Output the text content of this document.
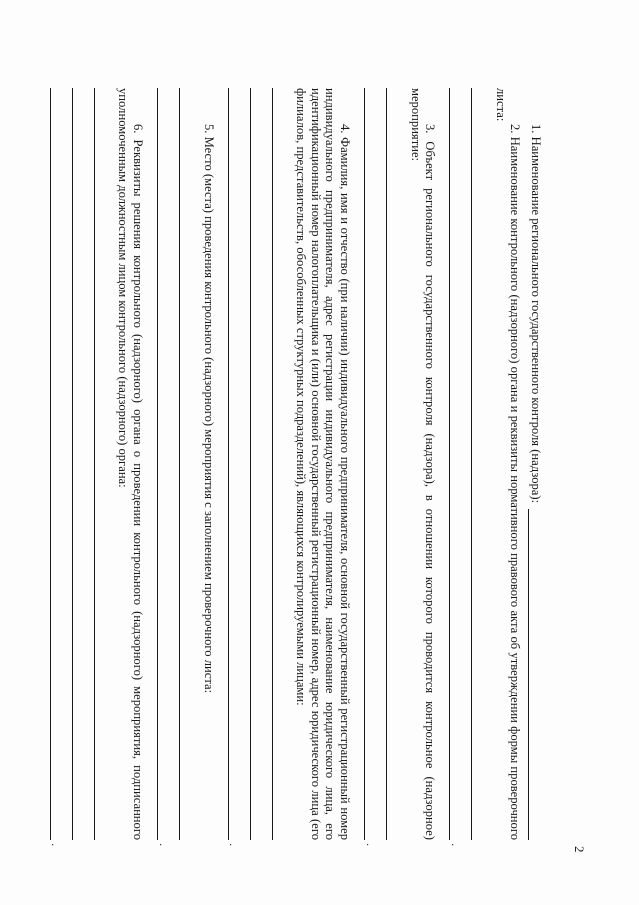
2
1. Наименование регионального государственного контроля (надзора):
2. Наименование контрольного (надзорного) органа и реквизиты нормативного правового акта об утверждении формы проверочного листа:
.
3. Объект регионального государственного контроля (надзора), в отношении которого проводится контрольное (надзорное) мероприятие:
.
4. Фамилия, имя и отчество (при наличии) индивидуального предпринимателя, основной государственный регистрационный номер индивидуального предпринимателя, адрес регистрации индивидуального предпринимателя, наименование юридического лица, его идентификационный номер налогоплательщика и (или) основной государственный регистрационный номер, адрес юридического лица (его филиалов, представительств, обособленных структурных подразделений), являющихся контролируемыми лицами:
.
5. Место (места) проведения контрольного (надзорного) мероприятия с заполнением проверочного листа:
.
6. Реквизиты решения контрольного (надзорного) органа о проведении контрольного (надзорного) мероприятия, подписанного уполномоченным должностным лицом контрольного (надзорного) органа:
.
